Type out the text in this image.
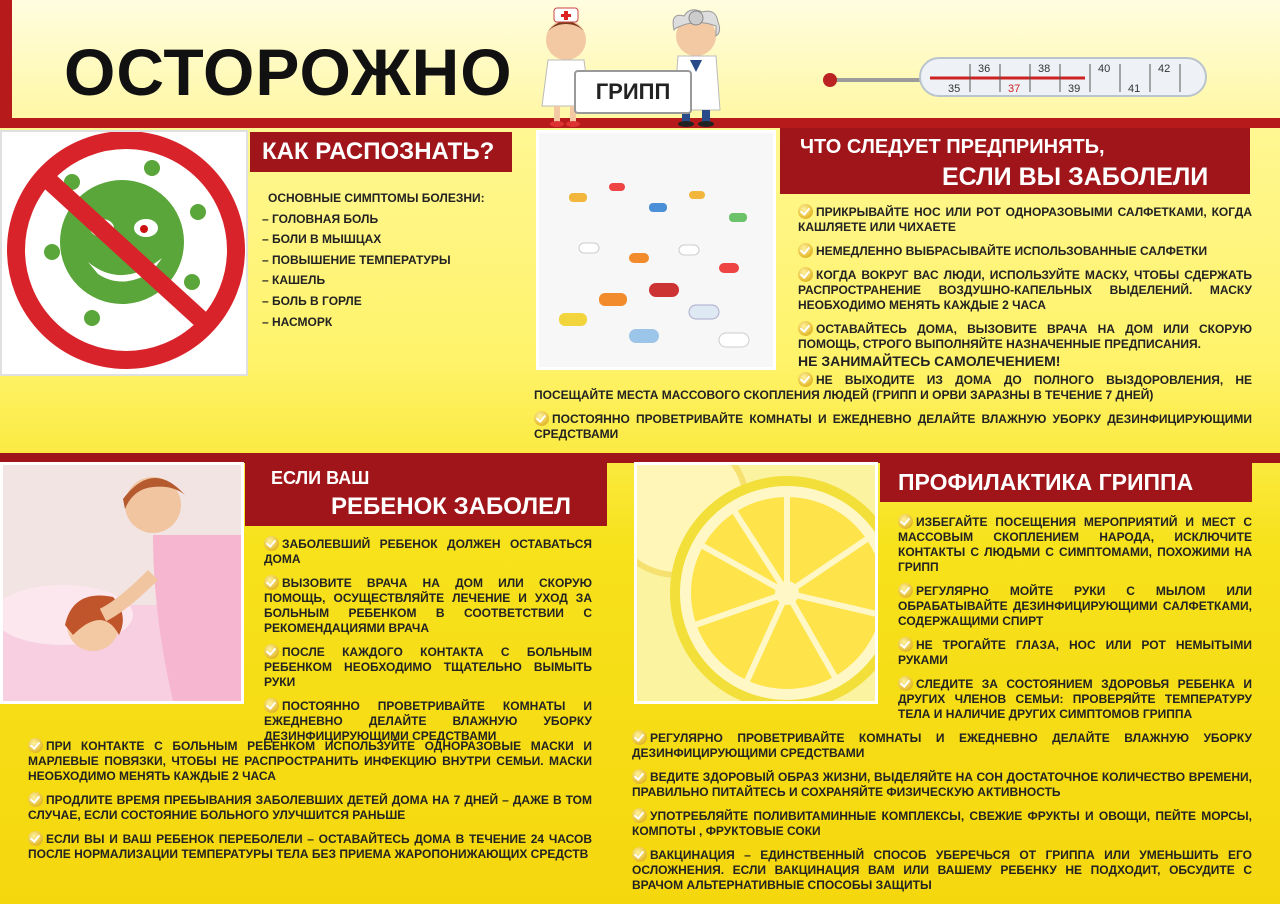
ОСТОРОЖНО	ГРИПП
36	38	40	42
35	37	39	41
КАК РАСПОЗНАТЬ?
ОСНОВНЫЕ СИМПТОМЫ БОЛЕЗНИ:
– ГОЛОВНАЯ БОЛЬ
– БОЛИ В МЫШЦАХ
– ПОВЫШЕНИЕ ТЕМПЕРАТУРЫ
– КАШЕЛЬ
– БОЛЬ В ГОРЛЕ
– НАСМОРК
ЧТО СЛЕДУЕТ ПРЕДПРИНЯТЬ,
ЕСЛИ ВЫ ЗАБОЛЕЛИ
ПРИКРЫВАЙТЕ НОС ИЛИ РОТ ОДНОРАЗОВЫМИ САЛФЕТКАМИ, КОГДА КАШЛЯЕТЕ ИЛИ ЧИХАЕТЕ
НЕМЕДЛЕННО ВЫБРАСЫВАЙТЕ ИСПОЛЬЗОВАННЫЕ САЛФЕТКИ
КОГДА ВОКРУГ ВАС ЛЮДИ, ИСПОЛЬЗУЙТЕ МАСКУ, ЧТОБЫ СДЕРЖАТЬ РАСПРОСТРАНЕНИЕ ВОЗДУШНО-КАПЕЛЬНЫХ ВЫДЕЛЕНИЙ. МАСКУ НЕОБХОДИМО МЕНЯТЬ КАЖДЫЕ 2 ЧАСА
ОСТАВАЙТЕСЬ ДОМА, ВЫЗОВИТЕ ВРАЧА НА ДОМ ИЛИ СКОРУЮ ПОМОЩЬ, СТРОГО ВЫПОЛНЯЙТЕ НАЗНАЧЕННЫЕ ПРЕДПИСАНИЯ.
НЕ ЗАНИМАЙТЕСЬ САМОЛЕЧЕНИЕМ!
НЕ ВЫХОДИТЕ ИЗ ДОМА ДО ПОЛНОГО ВЫЗДОРОВЛЕНИЯ, НЕ ПОСЕЩАЙТЕ МЕСТА МАССОВОГО СКОПЛЕНИЯ ЛЮДЕЙ (ГРИПП И ОРВИ ЗАРАЗНЫ В ТЕЧЕНИЕ 7 ДНЕЙ)
ПОСТОЯННО ПРОВЕТРИВАЙТЕ КОМНАТЫ И ЕЖЕДНЕВНО ДЕЛАЙТЕ ВЛАЖНУЮ УБОРКУ ДЕЗИНФИЦИРУЮЩИМИ СРЕДСТВАМИ
ЕСЛИ ВАШ
РЕБЕНОК ЗАБОЛЕЛ
ЗАБОЛЕВШИЙ РЕБЕНОК ДОЛЖЕН ОСТАВАТЬСЯ ДОМА
ВЫЗОВИТЕ ВРАЧА НА ДОМ ИЛИ СКОРУЮ ПОМОЩЬ, ОСУЩЕСТВЛЯЙТЕ ЛЕЧЕНИЕ И УХОД ЗА БОЛЬНЫМ РЕБЕНКОМ В СООТВЕТСТВИИ С РЕКОМЕНДАЦИЯМИ ВРАЧА
ПОСЛЕ КАЖДОГО КОНТАКТА С БОЛЬНЫМ РЕБЕНКОМ НЕОБХОДИМО ТЩАТЕЛЬНО ВЫМЫТЬ РУКИ
ПОСТОЯННО ПРОВЕТРИВАЙТЕ КОМНАТЫ И ЕЖЕДНЕВНО ДЕЛАЙТЕ ВЛАЖНУЮ УБОРКУ ДЕЗИНФИЦИРУЮЩИМИ СРЕДСТВАМИ
ПРИ КОНТАКТЕ С БОЛЬНЫМ РЕБЕНКОМ ИСПОЛЬЗУЙТЕ ОДНОРАЗОВЫЕ МАСКИ И МАРЛЕВЫЕ ПОВЯЗКИ, ЧТОБЫ НЕ РАСПРОСТРАНИТЬ ИНФЕКЦИЮ ВНУТРИ СЕМЬИ. МАСКИ НЕОБХОДИМО МЕНЯТЬ КАЖДЫЕ 2 ЧАСА
ПРОДЛИТЕ ВРЕМЯ ПРЕБЫВАНИЯ ЗАБОЛЕВШИХ ДЕТЕЙ ДОМА НА 7 ДНЕЙ – ДАЖЕ В ТОМ СЛУЧАЕ, ЕСЛИ СОСТОЯНИЕ БОЛЬНОГО УЛУЧШИТСЯ РАНЬШЕ
ЕСЛИ ВЫ И ВАШ РЕБЕНОК ПЕРЕБОЛЕЛИ – ОСТАВАЙТЕСЬ ДОМА В ТЕЧЕНИЕ 24 ЧАСОВ ПОСЛЕ НОРМАЛИЗАЦИИ ТЕМПЕРАТУРЫ ТЕЛА БЕЗ ПРИЕМА ЖАРОПОНИЖАЮЩИХ СРЕДСТВ
ПРОФИЛАКТИКА ГРИППА
ИЗБЕГАЙТЕ ПОСЕЩЕНИЯ МЕРОПРИЯТИЙ И МЕСТ С МАССОВЫМ СКОПЛЕНИЕМ НАРОДА, ИСКЛЮЧИТЕ КОНТАКТЫ С ЛЮДЬМИ С СИМПТОМАМИ, ПОХОЖИМИ НА ГРИПП
РЕГУЛЯРНО МОЙТЕ РУКИ С МЫЛОМ ИЛИ ОБРАБАТЫВАЙТЕ ДЕЗИНФИЦИРУЮЩИМИ САЛФЕТКАМИ, СОДЕРЖАЩИМИ СПИРТ
НЕ ТРОГАЙТЕ ГЛАЗА, НОС ИЛИ РОТ НЕМЫТЫМИ РУКАМИ
СЛЕДИТЕ ЗА СОСТОЯНИЕМ ЗДОРОВЬЯ РЕБЕНКА И ДРУГИХ ЧЛЕНОВ СЕМЬИ: ПРОВЕРЯЙТЕ ТЕМПЕРАТУРУ ТЕЛА И НАЛИЧИЕ ДРУГИХ СИМПТОМОВ ГРИППА
РЕГУЛЯРНО ПРОВЕТРИВАЙТЕ КОМНАТЫ И ЕЖЕДНЕВНО ДЕЛАЙТЕ ВЛАЖНУЮ УБОРКУ ДЕЗИНФИЦИРУЮЩИМИ СРЕДСТВАМИ
ВЕДИТЕ ЗДОРОВЫЙ ОБРАЗ ЖИЗНИ, ВЫДЕЛЯЙТЕ НА СОН ДОСТАТОЧНОЕ КОЛИЧЕСТВО ВРЕМЕНИ, ПРАВИЛЬНО ПИТАЙТЕСЬ И СОХРАНЯЙТЕ ФИЗИЧЕСКУЮ АКТИВНОСТЬ
УПОТРЕБЛЯЙТЕ ПОЛИВИТАМИННЫЕ КОМПЛЕКСЫ, СВЕЖИЕ ФРУКТЫ И ОВОЩИ, ПЕЙТЕ МОРСЫ, КОМПОТЫ , ФРУКТОВЫЕ СОКИ
ВАКЦИНАЦИЯ – ЕДИНСТВЕННЫЙ СПОСОБ УБЕРЕЧЬСЯ ОТ ГРИППА ИЛИ УМЕНЬШИТЬ ЕГО ОСЛОЖНЕНИЯ. ЕСЛИ ВАКЦИНАЦИЯ ВАМ ИЛИ ВАШЕМУ РЕБЕНКУ НЕ ПОДХОДИТ, ОБСУДИТЕ С ВРАЧОМ АЛЬТЕРНАТИВНЫЕ СПОСОБЫ ЗАЩИТЫ
